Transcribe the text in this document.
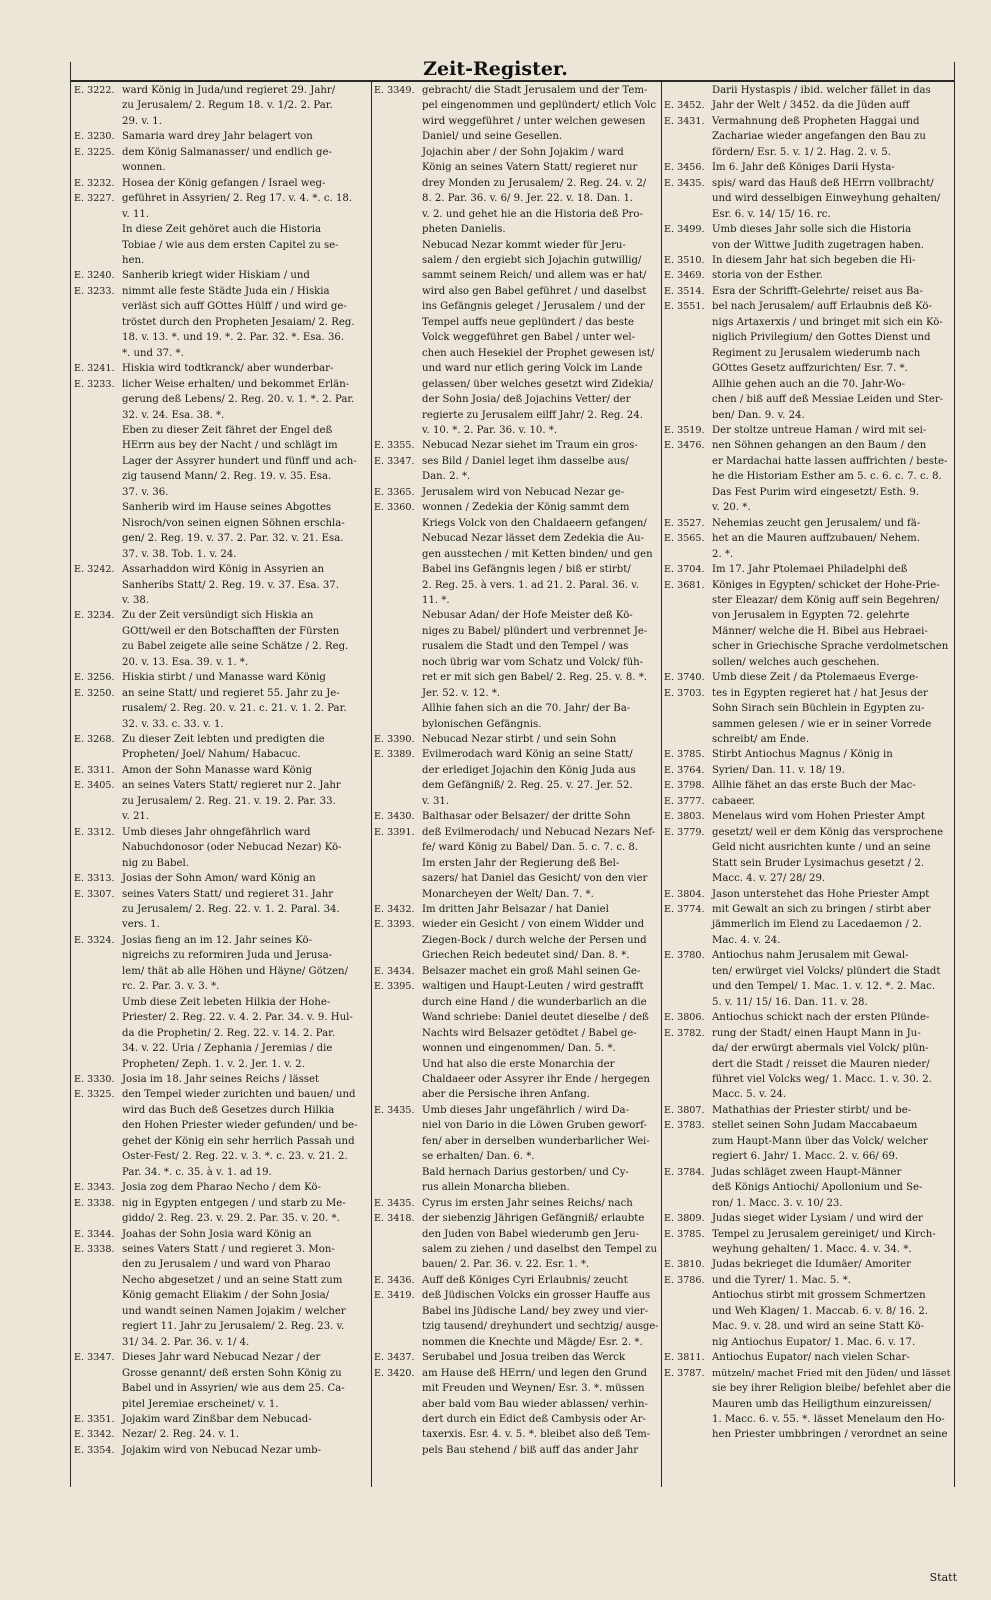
Zeit-Register.
E. 3222. ward König in Juda/und regieret 29. Jahr/
zu Jerusalem/ 2. Regum 18. v. 1/2. 2. Par.
29. v. 1.
E. 3230. Samaria ward drey Jahr belagert von
E. 3225. dem König Salmanasser/ und endlich ge-
wonnen.
E. 3232. Hosea der König gefangen / Israel weg-
E. 3227. geführet in Assyrien/ 2. Reg 17. v. 4. *. c. 18.
v. 11.
In diese Zeit gehöret auch die Historia
Tobiae / wie aus dem ersten Capitel zu se-
hen.
E. 3240. Sanherib kriegt wider Hiskiam / und
E. 3233. nimmt alle feste Städte Juda ein / Hiskia
verläst sich auff GOttes Hülff / und wird ge-
tröstet durch den Propheten Jesaiam/ 2. Reg.
18. v. 13. *. und 19. *. 2. Par. 32. *. Esa. 36.
*. und 37. *.
E. 3241. Hiskia wird todtkranck/ aber wunderbar-
E. 3233. licher Weise erhalten/ und bekommet Erlän-
gerung deß Lebens/ 2. Reg. 20. v. 1. *. 2. Par.
32. v. 24. Esa. 38. *.
Eben zu dieser Zeit fähret der Engel deß
HErrn aus bey der Nacht / und schlägt im
Lager der Assyrer hundert und fünff und ach-
zig tausend Mann/ 2. Reg. 19. v. 35. Esa.
37. v. 36.
Sanherib wird im Hause seines Abgottes
Nisroch/von seinen eignen Söhnen erschla-
gen/ 2. Reg. 19. v. 37. 2. Par. 32. v. 21. Esa.
37. v. 38. Tob. 1. v. 24.
E. 3242. Assarhaddon wird König in Assyrien an
Sanheribs Statt/ 2. Reg. 19. v. 37. Esa. 37.
v. 38.
E. 3234. Zu der Zeit versündigt sich Hiskia an
GOtt/weil er den Botschafften der Fürsten
zu Babel zeigete alle seine Schätze / 2. Reg.
20. v. 13. Esa. 39. v. 1. *.
E. 3256. Hiskia stirbt / und Manasse ward König
E. 3250. an seine Statt/ und regieret 55. Jahr zu Je-
rusalem/ 2. Reg. 20. v. 21. c. 21. v. 1. 2. Par.
32. v. 33. c. 33. v. 1.
E. 3268. Zu dieser Zeit lebten und predigten die
Propheten/ Joel/ Nahum/ Habacuc.
E. 3311. Amon der Sohn Manasse ward König
E. 3405. an seines Vaters Statt/ regieret nur 2. Jahr
zu Jerusalem/ 2. Reg. 21. v. 19. 2. Par. 33.
v. 21.
E. 3312. Umb dieses Jahr ohngefährlich ward
Nabuchdonosor (oder Nebucad Nezar) Kö-
nig zu Babel.
E. 3313. Josias der Sohn Amon/ ward König an
E. 3307. seines Vaters Statt/ und regieret 31. Jahr
zu Jerusalem/ 2. Reg. 22. v. 1. 2. Paral. 34.
vers. 1.
E. 3324. Josias fieng an im 12. Jahr seines Kö-
nigreichs zu reformiren Juda und Jerusa-
lem/ thät ab alle Höhen und Häyne/ Götzen/
rc. 2. Par. 3. v. 3. *.
Umb diese Zeit lebeten Hilkia der Hohe-
Priester/ 2. Reg. 22. v. 4. 2. Par. 34. v. 9. Hul-
da die Prophetin/ 2. Reg. 22. v. 14. 2. Par.
34. v. 22. Uria / Zephania / Jeremias / die
Propheten/ Zeph. 1. v. 2. Jer. 1. v. 2.
E. 3330. Josia im 18. Jahr seines Reichs / lässet
E. 3325. den Tempel wieder zurichten und bauen/ und
wird das Buch deß Gesetzes durch Hilkia
den Hohen Priester wieder gefunden/ und be-
gehet der König ein sehr herrlich Passah und
Oster-Fest/ 2. Reg. 22. v. 3. *. c. 23. v. 21. 2.
Par. 34. *. c. 35. à v. 1. ad 19.
E. 3343. Josia zog dem Pharao Necho / dem Kö-
E. 3338. nig in Egypten entgegen / und starb zu Me-
giddo/ 2. Reg. 23. v. 29. 2. Par. 35. v. 20. *.
E. 3344. Joahas der Sohn Josia ward König an
E. 3338. seines Vaters Statt / und regieret 3. Mon-
den zu Jerusalem / und ward von Pharao
Necho abgesetzet / und an seine Statt zum
König gemacht Eliakim / der Sohn Josia/
und wandt seinen Namen Jojakim / welcher
regiert 11. Jahr zu Jerusalem/ 2. Reg. 23. v.
31/ 34. 2. Par. 36. v. 1/ 4.
E. 3347. Dieses Jahr ward Nebucad Nezar / der
Grosse genannt/ deß ersten Sohn König zu
Babel und in Assyrien/ wie aus dem 25. Ca-
pitel Jeremiae erscheinet/ v. 1.
E. 3351. Jojakim ward Zinßbar dem Nebucad-
E. 3342. Nezar/ 2. Reg. 24. v. 1.
E. 3354. Jojakim wird von Nebucad Nezar umb-
E. 3349. gebracht/ die Stadt Jerusalem und der Tem-
pel eingenommen und geplündert/ etlich Volc
wird weggeführet / unter welchen gewesen
Daniel/ und seine Gesellen.
Jojachin aber / der Sohn Jojakim / ward
König an seines Vatern Statt/ regieret nur
drey Monden zu Jerusalem/ 2. Reg. 24. v. 2/
8. 2. Par. 36. v. 6/ 9. Jer. 22. v. 18. Dan. 1.
v. 2. und gehet hie an die Historia deß Pro-
pheten Danielis.
Nebucad Nezar kommt wieder für Jeru-
salem / den ergiebt sich Jojachin gutwillig/
sammt seinem Reich/ und allem was er hat/
wird also gen Babel geführet / und daselbst
ins Gefängnis geleget / Jerusalem / und der
Tempel auffs neue geplündert / das beste
Volck weggeführet gen Babel / unter wel-
chen auch Hesekiel der Prophet gewesen ist/
und ward nur etlich gering Volck im Lande
gelassen/ über welches gesetzt wird Zidekia/
der Sohn Josia/ deß Jojachins Vetter/ der
regierte zu Jerusalem eilff Jahr/ 2. Reg. 24.
v. 10. *. 2. Par. 36. v. 10. *.
E. 3355. Nebucad Nezar siehet im Traum ein gros-
E. 3347. ses Bild / Daniel leget ihm dasselbe aus/
Dan. 2. *.
E. 3365. Jerusalem wird von Nebucad Nezar ge-
E. 3360. wonnen / Zedekia der König sammt dem
Kriegs Volck von den Chaldaeern gefangen/
Nebucad Nezar lässet dem Zedekia die Au-
gen ausstechen / mit Ketten binden/ und gen
Babel ins Gefängnis legen / biß er stirbt/
2. Reg. 25. à vers. 1. ad 21. 2. Paral. 36. v.
11. *.
Nebusar Adan/ der Hofe Meister deß Kö-
niges zu Babel/ plündert und verbrennet Je-
rusalem die Stadt und den Tempel / was
noch übrig war vom Schatz und Volck/ füh-
ret er mit sich gen Babel/ 2. Reg. 25. v. 8. *.
Jer. 52. v. 12. *.
Allhie fahen sich an die 70. Jahr/ der Ba-
bylonischen Gefängnis.
E. 3390. Nebucad Nezar stirbt / und sein Sohn
E. 3389. Evilmerodach ward König an seine Statt/
der erlediget Jojachin den König Juda aus
dem Gefängniß/ 2. Reg. 25. v. 27. Jer. 52.
v. 31.
E. 3430. Balthasar oder Belsazer/ der dritte Sohn
E. 3391. deß Evilmerodach/ und Nebucad Nezars Nef-
fe/ ward König zu Babel/ Dan. 5. c. 7. c. 8.
Im ersten Jahr der Regierung deß Bel-
sazers/ hat Daniel das Gesicht/ von den vier
Monarcheyen der Welt/ Dan. 7. *.
E. 3432. Im dritten Jahr Belsazar / hat Daniel
E. 3393. wieder ein Gesicht / von einem Widder und
Ziegen-Bock / durch welche der Persen und
Griechen Reich bedeutet sind/ Dan. 8. *.
E. 3434. Belsazer machet ein groß Mahl seinen Ge-
E. 3395. waltigen und Haupt-Leuten / wird gestrafft
durch eine Hand / die wunderbarlich an die
Wand schriebe: Daniel deutet dieselbe / deß
Nachts wird Belsazer getödtet / Babel ge-
wonnen und eingenommen/ Dan. 5. *.
Und hat also die erste Monarchia der
Chaldaeer oder Assyrer ihr Ende / hergegen
aber die Persische ihren Anfang.
E. 3435. Umb dieses Jahr ungefährlich / wird Da-
niel von Dario in die Löwen Gruben geworf-
fen/ aber in derselben wunderbarlicher Wei-
se erhalten/ Dan. 6. *.
Bald hernach Darius gestorben/ und Cy-
rus allein Monarcha blieben.
E. 3435. Cyrus im ersten Jahr seines Reichs/ nach
E. 3418. der siebenzig Jährigen Gefängniß/ erlaubte
den Juden von Babel wiederumb gen Jeru-
salem zu ziehen / und daselbst den Tempel zu
bauen/ 2. Par. 36. v. 22. Esr. 1. *.
E. 3436. Auff deß Königes Cyri Erlaubnis/ zeucht
E. 3419. deß Jüdischen Volcks ein grosser Hauffe aus
Babel ins Jüdische Land/ bey zwey und vier-
tzig tausend/ dreyhundert und sechtzig/ ausge-
nommen die Knechte und Mägde/ Esr. 2. *.
E. 3437. Serubabel und Josua treiben das Werck
E. 3420. am Hause deß HErrn/ und legen den Grund
mit Freuden und Weynen/ Esr. 3. *. müssen
aber bald vom Bau wieder ablassen/ verhin-
dert durch ein Edict deß Cambysis oder Ar-
taxerxis. Esr. 4. v. 5. *. bleibet also deß Tem-
pels Bau stehend / biß auff das ander Jahr
Darii Hystaspis / ibid. welcher fället in das
E. 3452. Jahr der Welt / 3452. da die Jüden auff
E. 3431. Vermahnung deß Propheten Haggai und
Zachariae wieder angefangen den Bau zu
fördern/ Esr. 5. v. 1/ 2. Hag. 2. v. 5.
E. 3456. Im 6. Jahr deß Königes Darii Hysta-
E. 3435. spis/ ward das Hauß deß HErrn vollbracht/
und wird desselbigen Einweyhung gehalten/
Esr. 6. v. 14/ 15/ 16. rc.
E. 3499. Umb dieses Jahr solle sich die Historia
von der Wittwe Judith zugetragen haben.
E. 3510. In diesem Jahr hat sich begeben die Hi-
E. 3469. storia von der Esther.
E. 3514. Esra der Schrifft-Gelehrte/ reiset aus Ba-
E. 3551. bel nach Jerusalem/ auff Erlaubnis deß Kö-
nigs Artaxerxis / und bringet mit sich ein Kö-
niglich Privilegium/ den Gottes Dienst und
Regiment zu Jerusalem wiederumb nach
GOttes Gesetz auffzurichten/ Esr. 7. *.
Allhie gehen auch an die 70. Jahr-Wo-
chen / biß auff deß Messiae Leiden und Ster-
ben/ Dan. 9. v. 24.
E. 3519. Der stoltze untreue Haman / wird mit sei-
E. 3476. nen Söhnen gehangen an den Baum / den
er Mardachai hatte lassen auffrichten / beste-
he die Historiam Esther am 5. c. 6. c. 7. c. 8.
Das Fest Purim wird eingesetzt/ Esth. 9.
v. 20. *.
E. 3527. Nehemias zeucht gen Jerusalem/ und fä-
E. 3565. het an die Mauren auffzubauen/ Nehem.
2. *.
E. 3704. Im 17. Jahr Ptolemaei Philadelphi deß
E. 3681. Königes in Egypten/ schicket der Hohe-Prie-
ster Eleazar/ dem König auff sein Begehren/
von Jerusalem in Egypten 72. gelehrte
Männer/ welche die H. Bibel aus Hebraei-
scher in Griechische Sprache verdolmetschen
sollen/ welches auch geschehen.
E. 3740. Umb diese Zeit / da Ptolemaeus Everge-
E. 3703. tes in Egypten regieret hat / hat Jesus der
Sohn Sirach sein Büchlein in Egypten zu-
sammen gelesen / wie er in seiner Vorrede
schreibt/ am Ende.
E. 3785. Stirbt Antiochus Magnus / König in
E. 3764. Syrien/ Dan. 11. v. 18/ 19.
E. 3798. Allhie fähet an das erste Buch der Mac-
E. 3777. cabaeer.
E. 3803. Menelaus wird vom Hohen Priester Ampt
E. 3779. gesetzt/ weil er dem König das versprochene
Geld nicht ausrichten kunte / und an seine
Statt sein Bruder Lysimachus gesetzt / 2.
Macc. 4. v. 27/ 28/ 29.
E. 3804. Jason unterstehet das Hohe Priester Ampt
E. 3774. mit Gewalt an sich zu bringen / stirbt aber
jämmerlich im Elend zu Lacedaemon / 2.
Mac. 4. v. 24.
E. 3780. Antiochus nahm Jerusalem mit Gewal-
ten/ erwürget viel Volcks/ plündert die Stadt
und den Tempel/ 1. Mac. 1. v. 12. *. 2. Mac.
5. v. 11/ 15/ 16. Dan. 11. v. 28.
E. 3806. Antiochus schickt nach der ersten Plünde-
E. 3782. rung der Stadt/ einen Haupt Mann in Ju-
da/ der erwürgt abermals viel Volck/ plün-
dert die Stadt / reisset die Mauren nieder/
führet viel Volcks weg/ 1. Macc. 1. v. 30. 2.
Macc. 5. v. 24.
E. 3807. Mathathias der Priester stirbt/ und be-
E. 3783. stellet seinen Sohn Judam Maccabaeum
zum Haupt-Mann über das Volck/ welcher
regiert 6. Jahr/ 1. Macc. 2. v. 66/ 69.
E. 3784. Judas schläget zween Haupt-Männer
deß Königs Antiochi/ Apollonium und Se-
ron/ 1. Macc. 3. v. 10/ 23.
E. 3809. Judas sieget wider Lysiam / und wird der
E. 3785. Tempel zu Jerusalem gereiniget/ und Kirch-
weyhung gehalten/ 1. Macc. 4. v. 34. *.
E. 3810. Judas bekrieget die Idumäer/ Amoriter
E. 3786. und die Tyrer/ 1. Mac. 5. *.
Antiochus stirbt mit grossem Schmertzen
und Weh Klagen/ 1. Maccab. 6. v. 8/ 16. 2.
Mac. 9. v. 28. und wird an seine Statt Kö-
nig Antiochus Eupator/ 1. Mac. 6. v. 17.
E. 3811. Antiochus Eupator/ nach vielen Schar-
E. 3787. mützeln/ machet Fried mit den Jüden/ und lässet
sie bey ihrer Religion bleibe/ befehlet aber die
Mauren umb das Heiligthum einzureissen/
1. Macc. 6. v. 55. *. lässet Menelaum den Ho-
hen Priester umbbringen / verordnet an seine
Statt
